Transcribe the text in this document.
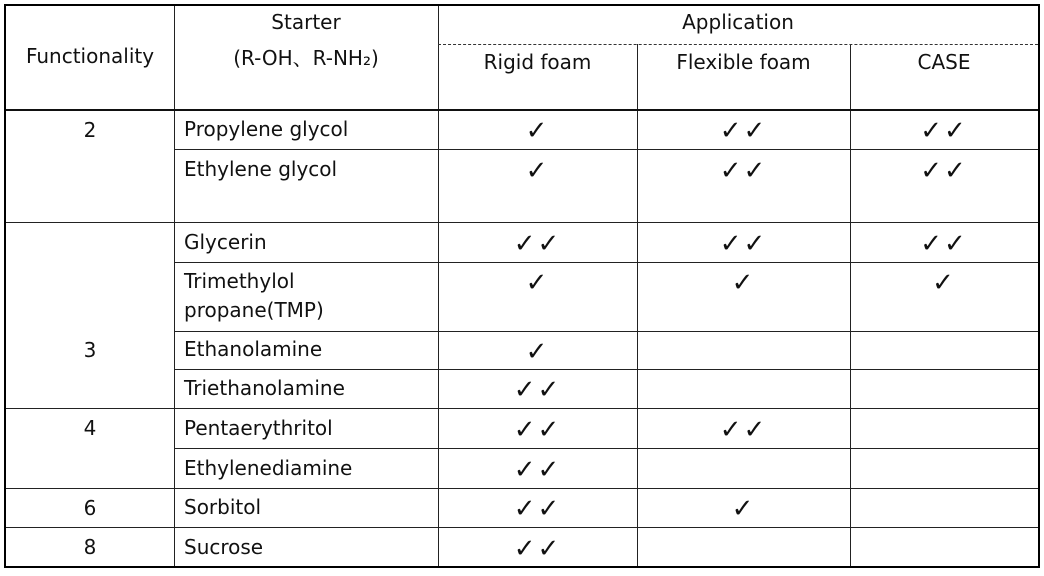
Functionality
Starter
(R-OH、R-NH₂)
Application
Rigid foam	Flexible foam	CASE
2
3
4
6
8
Propylene glycol
Ethylene glycol
Glycerin
Trimethylol
propane(TMP)
Ethanolamine
Triethanolamine
Pentaerythritol
Ethylenediamine
Sorbitol
Sucrose
✓
✓
✓✓
✓
✓
✓✓
✓✓
✓✓
✓✓
✓✓
✓✓
✓✓
✓✓
✓
✓✓
✓
✓✓
✓✓
✓✓
✓
